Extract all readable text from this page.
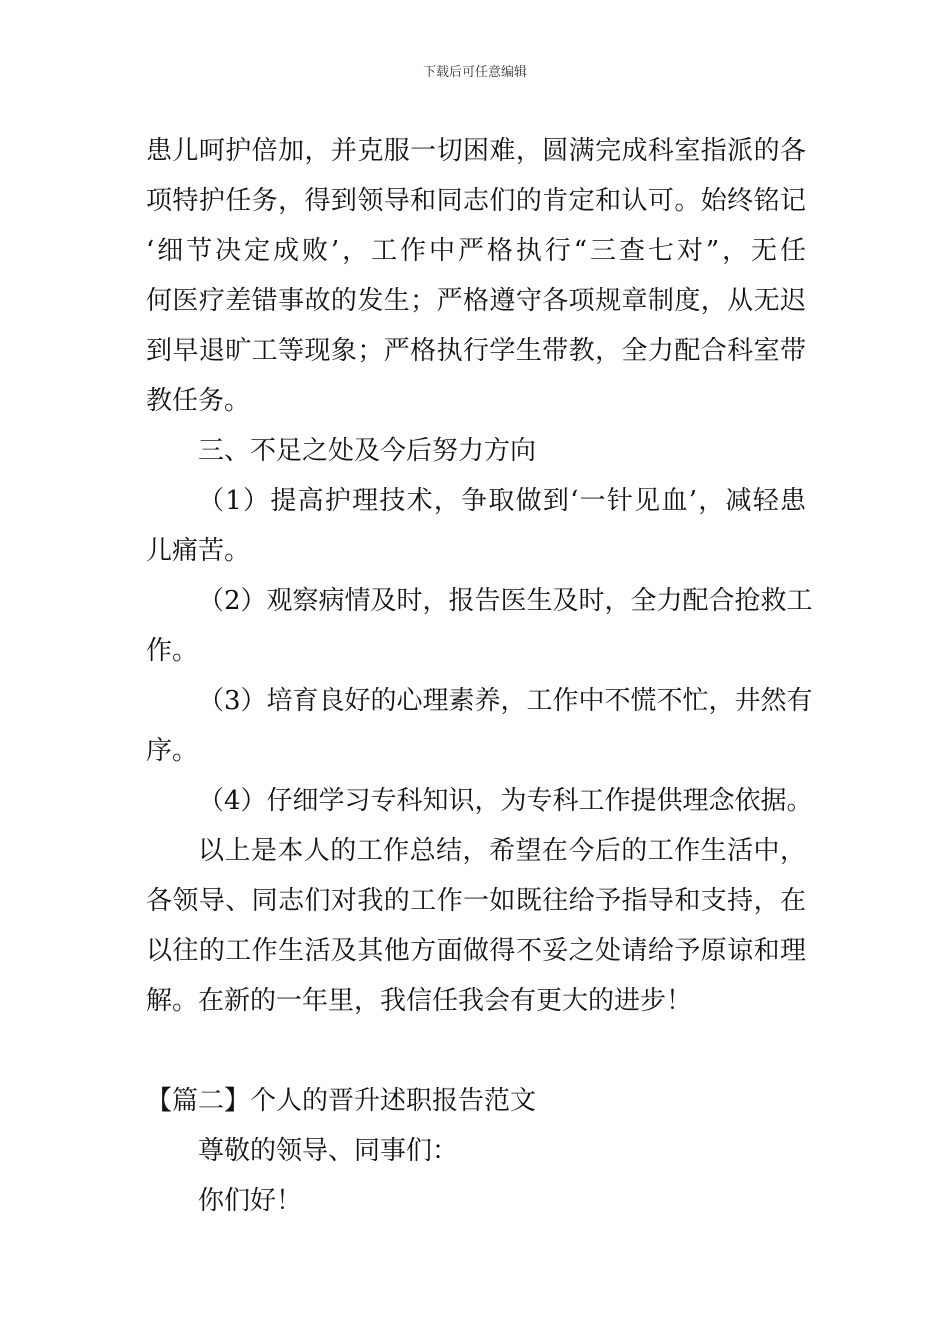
下载后可任意编辑
患儿呵护倍加，并克服一切困难，圆满完成科室指派的各
项特护任务，得到领导和同志们的肯定和认可。始终铭记
‘细节决定成败’，工作中严格执行“三查七对”，无任
何医疗差错事故的发生；严格遵守各项规章制度，从无迟
到早退旷工等现象；严格执行学生带教，全力配合科室带
教任务。
三、不足之处及今后努力方向
（1）提高护理技术，争取做到‘一针见血’，减轻患
儿痛苦。
（2）观察病情及时，报告医生及时，全力配合抢救工
作。
（3）培育良好的心理素养，工作中不慌不忙，井然有
序。
（4）仔细学习专科知识，为专科工作提供理念依据。
以上是本人的工作总结，希望在今后的工作生活中，
各领导、同志们对我的工作一如既往给予指导和支持，在
以往的工作生活及其他方面做得不妥之处请给予原谅和理
解。在新的一年里，我信任我会有更大的进步！
【篇二】个人的晋升述职报告范文
尊敬的领导、同事们：
你们好！
